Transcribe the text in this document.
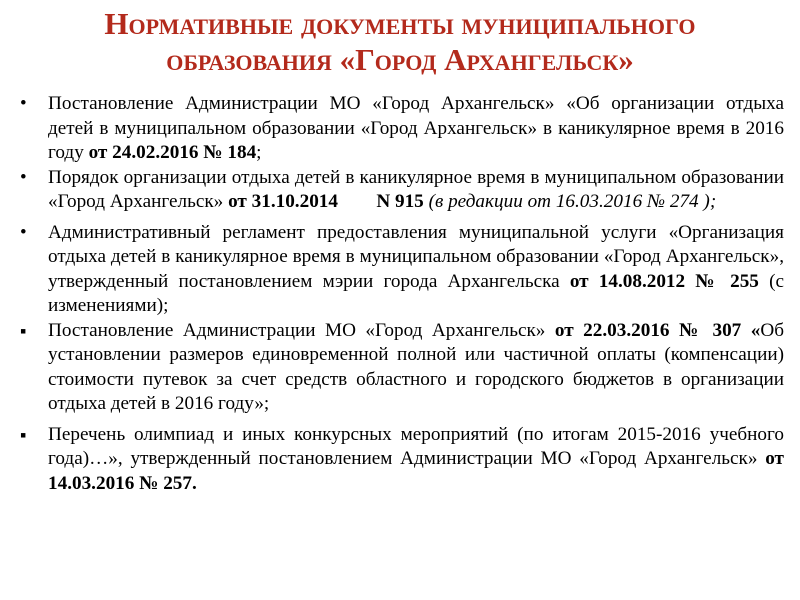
Нормативные документы муниципального
образования «Город Архангельск»
•
Постановление Администрации МО «Город Архангельск» «Об организации отдыха детей в муниципальном образовании «Город Архангельск» в каникулярное время в 2016 году от 24.02.2016 № 184;
•
Порядок организации отдыха детей в каникулярное время в муниципальном образовании «Город Архангельск» от 31.10.2014        N 915 (в редакции от 16.03.2016 № 274 );
•
Административный регламент предоставления муниципальной услуги «Организация отдыха детей в каникулярное время в муниципальном образовании «Город Архангельск», утвержденный постановлением мэрии города Архангельска от 14.08.2012 № 255 (с изменениями);
▪
Постановление Администрации МО «Город Архангельск» от 22.03.2016 № 307 «Об установлении размеров единовременной полной или частичной оплаты (компенсации) стоимости путевок за счет средств областного и городского бюджетов в организации отдыха детей в 2016 году»;
▪
Перечень олимпиад и иных конкурсных мероприятий (по итогам 2015-2016 учебного года)…», утвержденный постановлением Администрации МО «Город Архангельск» от 14.03.2016 № 257.
